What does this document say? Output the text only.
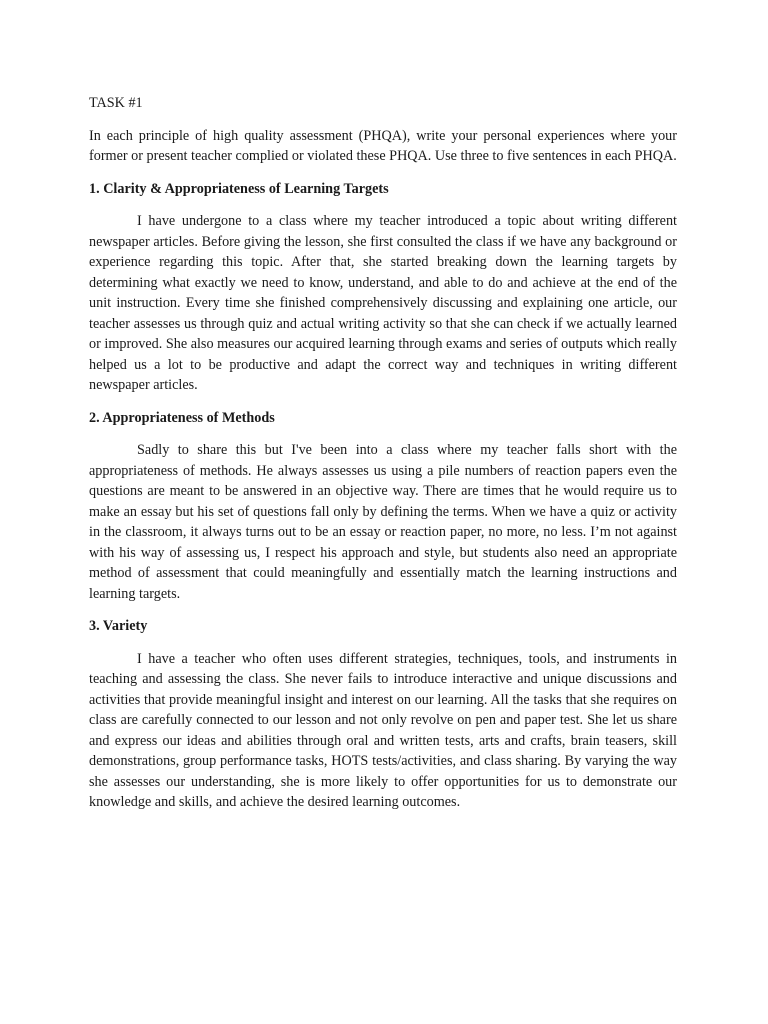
TASK #1

In each principle of high quality assessment (PHQA), write your personal experiences where your former or present teacher complied or violated these PHQA. Use three to five sentences in each PHQA.

1. Clarity & Appropriateness of Learning Targets

I have undergone to a class where my teacher introduced a topic about writing different newspaper articles. Before giving the lesson, she first consulted the class if we have any background or experience regarding this topic. After that, she started breaking down the learning targets by determining what exactly we need to know, understand, and able to do and achieve at the end of the unit instruction. Every time she finished comprehensively discussing and explaining one article, our teacher assesses us through quiz and actual writing activity so that she can check if we actually learned or improved. She also measures our acquired learning through exams and series of outputs which really helped us a lot to be productive and adapt the correct way and techniques in writing different newspaper articles.

2. Appropriateness of Methods

Sadly to share this but I've been into a class where my teacher falls short with the appropriateness of methods. He always assesses us using a pile numbers of reaction papers even the questions are meant to be answered in an objective way. There are times that he would require us to make an essay but his set of questions fall only by defining the terms. When we have a quiz or activity in the classroom, it always turns out to be an essay or reaction paper, no more, no less. I’m not against with his way of assessing us, I respect his approach and style, but students also need an appropriate method of assessment that could meaningfully and essentially match the learning instructions and learning targets.

3. Variety

I have a teacher who often uses different strategies, techniques, tools, and instruments in teaching and assessing the class. She never fails to introduce interactive and unique discussions and activities that provide meaningful insight and interest on our learning. All the tasks that she requires on class are carefully connected to our lesson and not only revolve on pen and paper test. She let us share and express our ideas and abilities through oral and written tests, arts and crafts, brain teasers, skill demonstrations, group performance tasks, HOTS tests/activities, and class sharing. By varying the way she assesses our understanding, she is more likely to offer opportunities for us to demonstrate our knowledge and skills, and achieve the desired learning outcomes.
